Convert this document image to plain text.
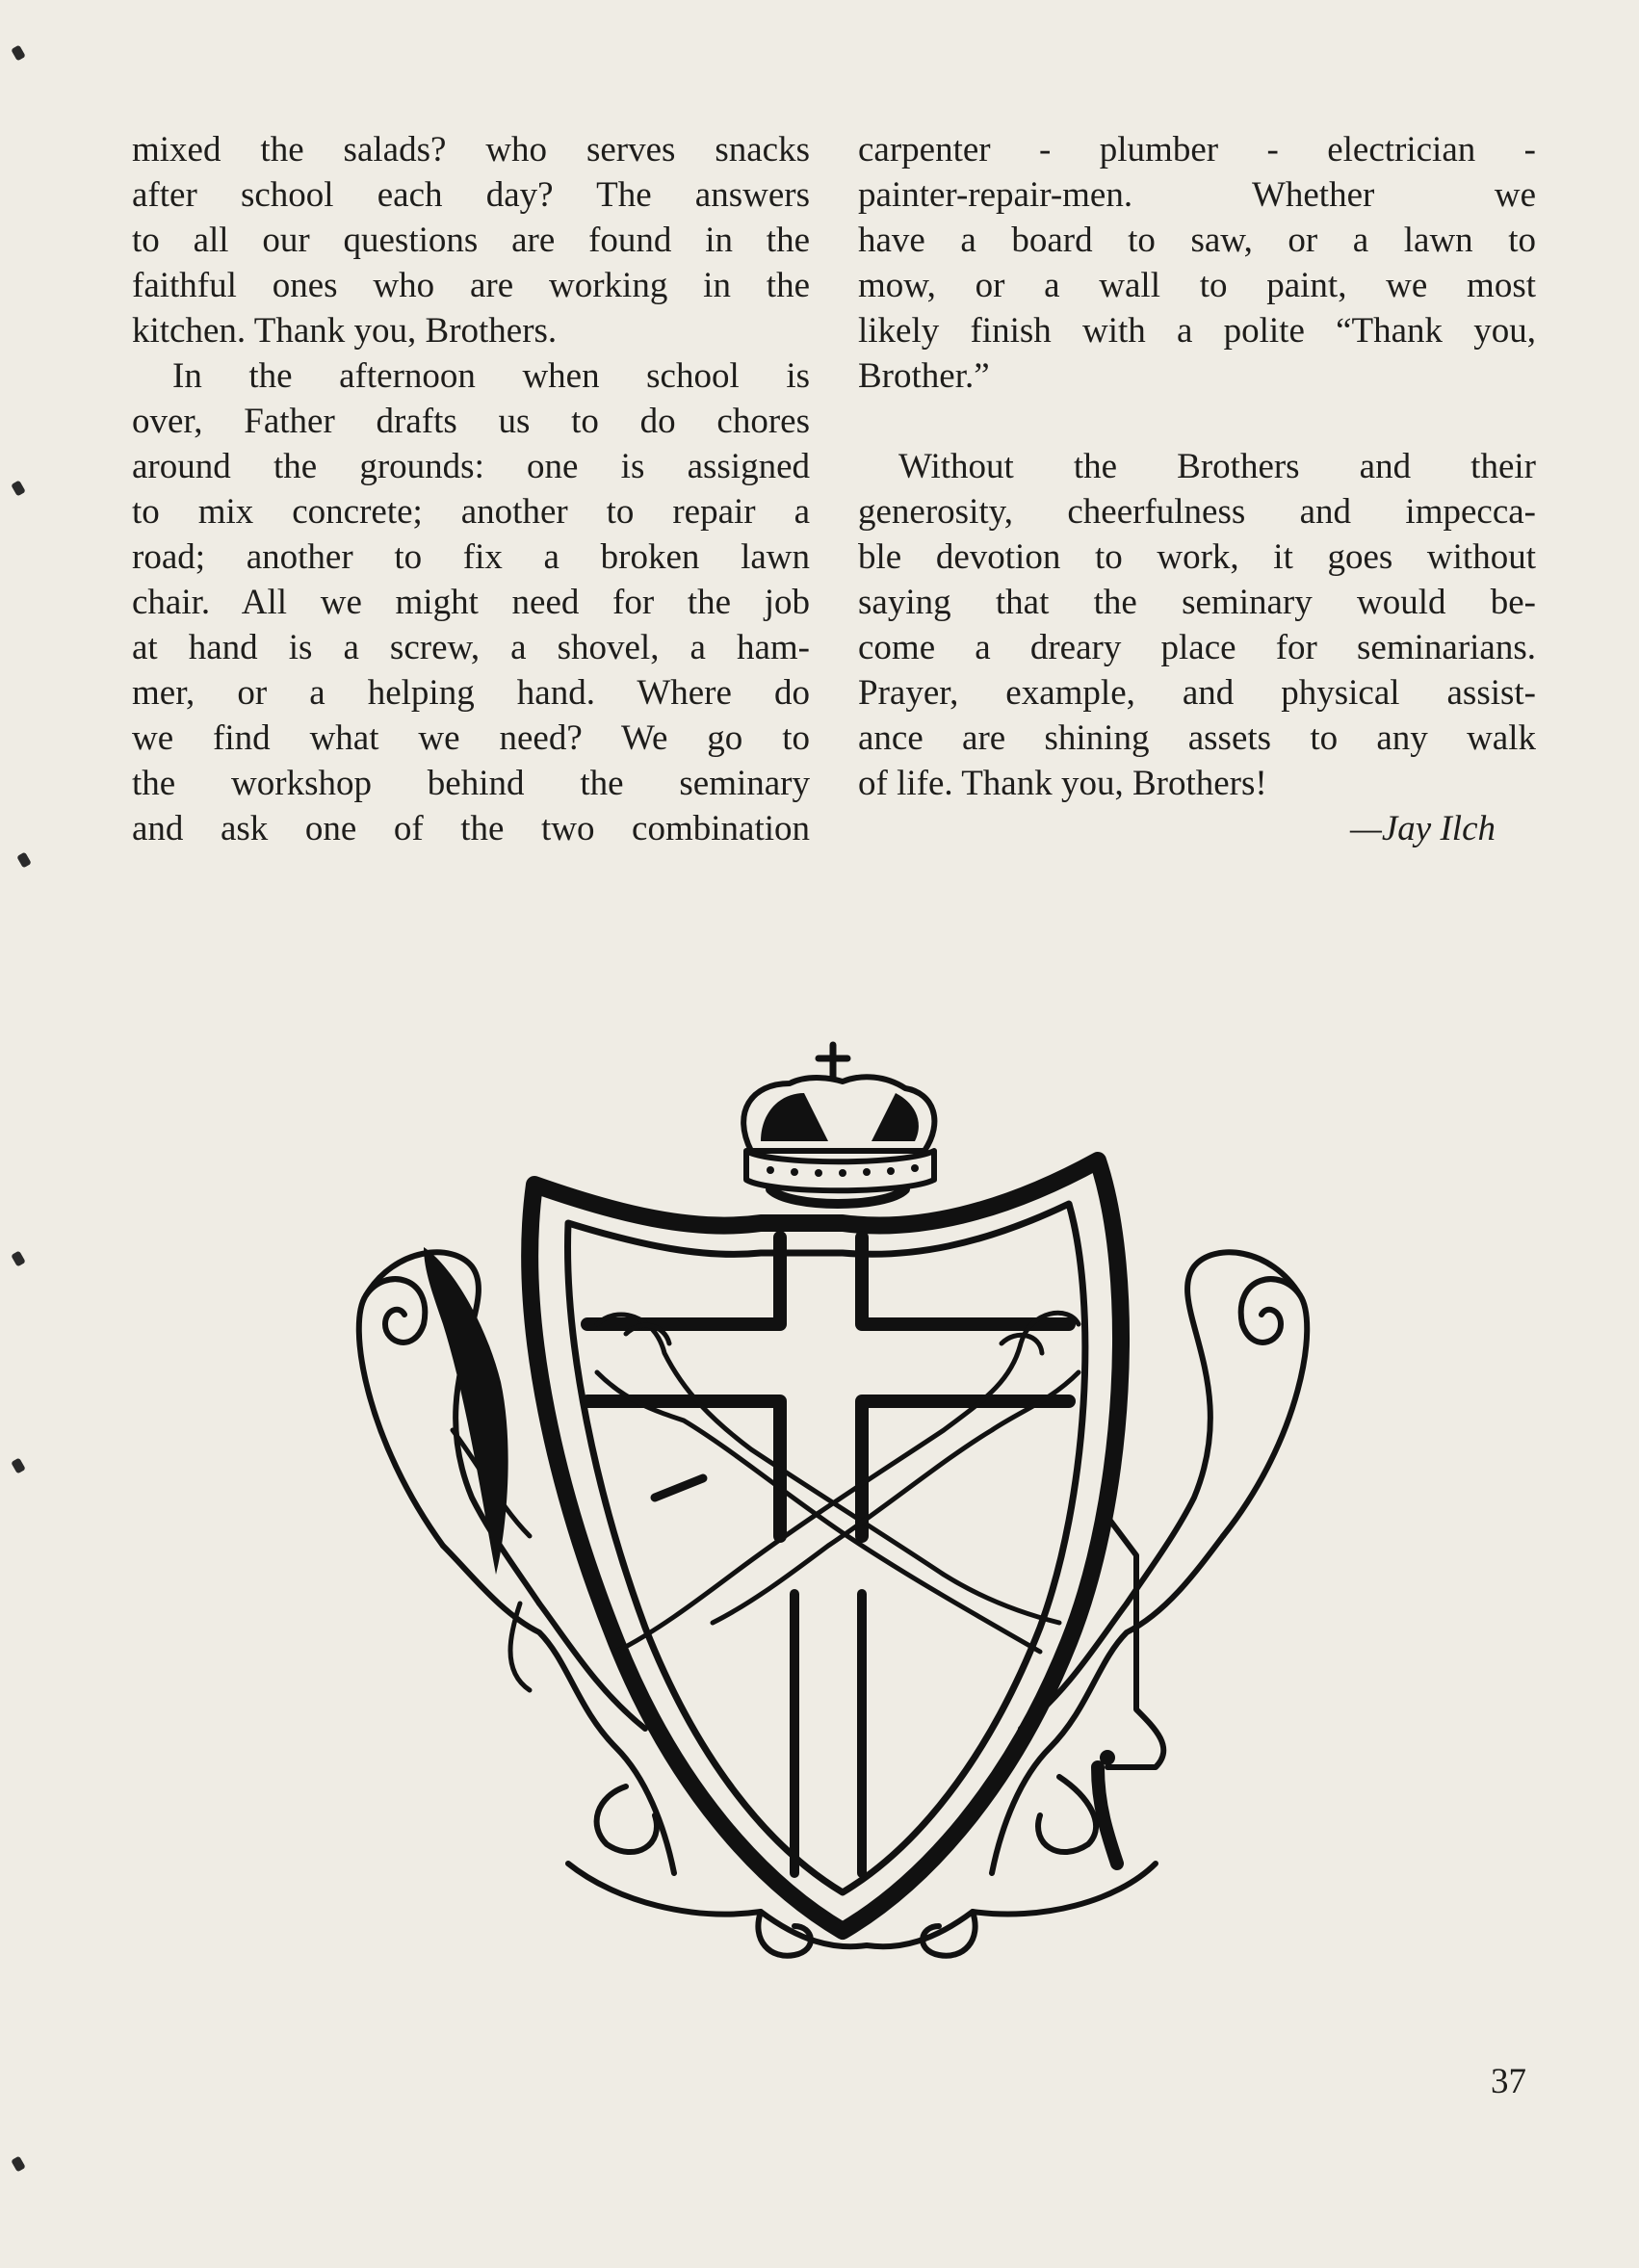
mixed the salads? who serves snacks
after school each day? The answers
to all our questions are found in the
faithful ones who are working in the
kitchen. Thank you, Brothers.
In the afternoon when school is
over, Father drafts us to do chores
around the grounds: one is assigned
to mix concrete; another to repair a
road; another to fix a broken lawn
chair. All we might need for the job
at hand is a screw, a shovel, a ham-
mer, or a helping hand. Where do
we find what we need? We go to
the workshop behind the seminary
and ask one of the two combination
carpenter - plumber - electrician -
painter-repair-men. Whether we
have a board to saw, or a lawn to
mow, or a wall to paint, we most
likely finish with a polite “Thank you,
Brother.”
Without the Brothers and their
generosity, cheerfulness and impecca-
ble devotion to work, it goes without
saying that the seminary would be-
come a dreary place for seminarians.
Prayer, example, and physical assist-
ance are shining assets to any walk
of life. Thank you, Brothers!
—Jay Ilch
37
